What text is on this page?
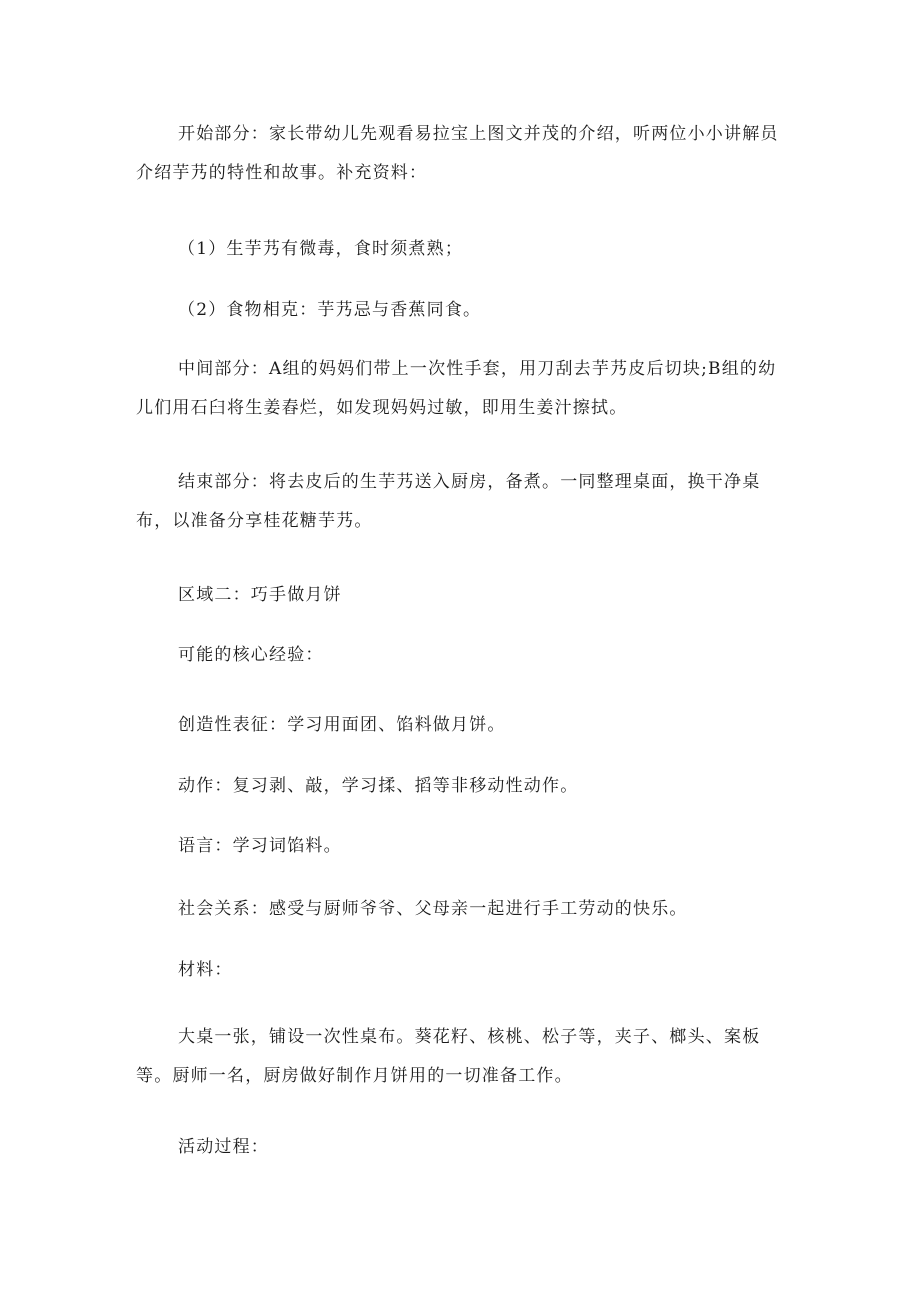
开始部分：家长带幼儿先观看易拉宝上图文并茂的介绍，听两位小小讲解员介绍芋艿的特性和故事。补充资料：

（1）生芋艿有微毒，食时须煮熟；

（2）食物相克：芋艿忌与香蕉同食。

中间部分：A组的妈妈们带上一次性手套，用刀刮去芋艿皮后切块;B组的幼儿们用石臼将生姜舂烂，如发现妈妈过敏，即用生姜汁擦拭。

结束部分：将去皮后的生芋艿送入厨房，备煮。一同整理桌面，换干净桌布，以准备分享桂花糖芋艿。

区域二：巧手做月饼

可能的核心经验：

创造性表征：学习用面团、馅料做月饼。

动作：复习剥、敲，学习揉、搯等非移动性动作。

语言：学习词馅料。

社会关系：感受与厨师爷爷、父母亲一起进行手工劳动的快乐。

材料：

大桌一张，铺设一次性桌布。葵花籽、核桃、松子等，夹子、榔头、案板等。厨师一名，厨房做好制作月饼用的一切准备工作。

活动过程：
